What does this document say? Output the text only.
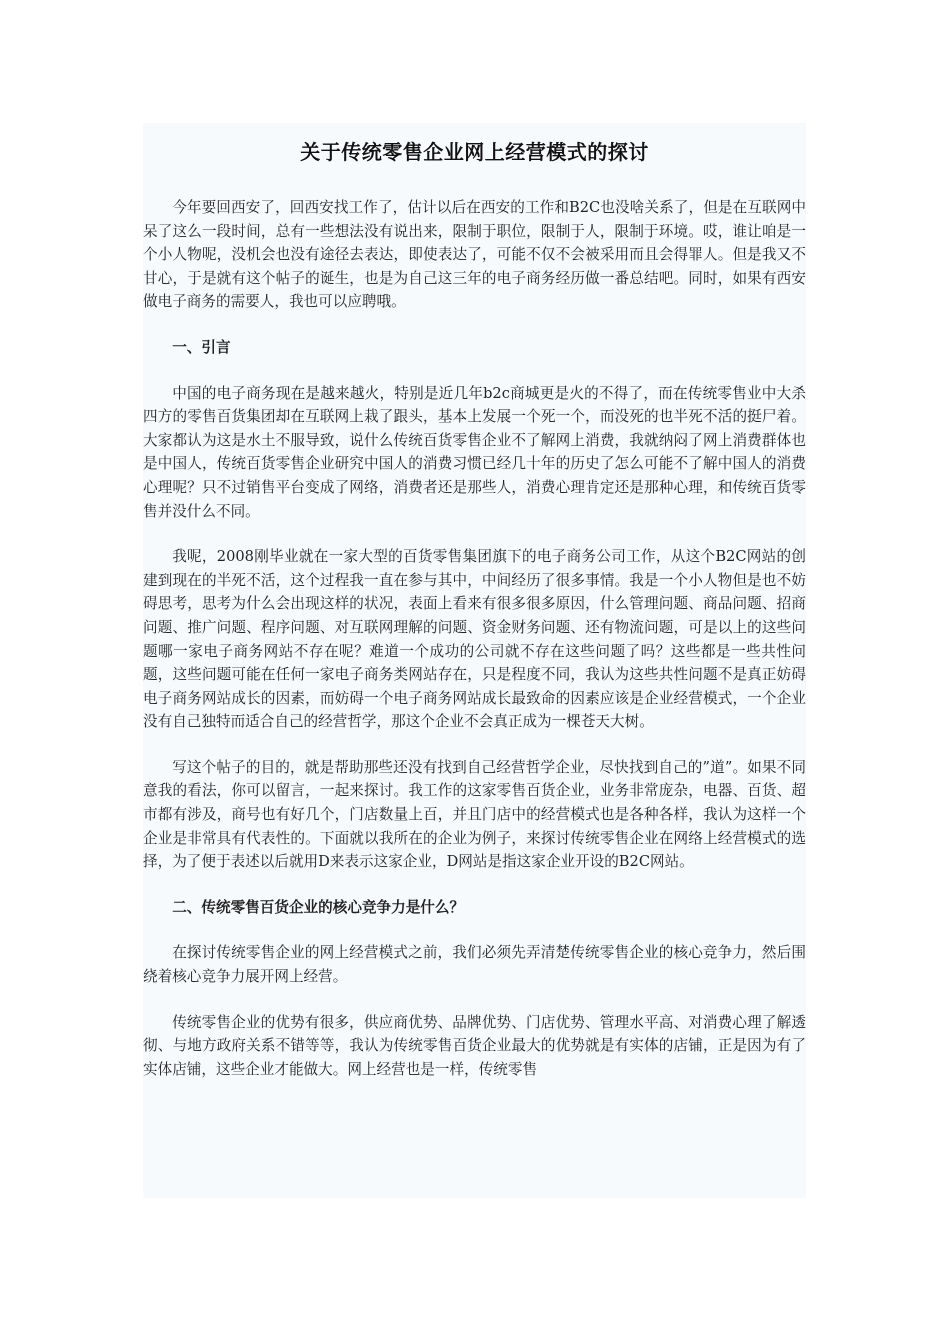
关于传统零售企业网上经营模式的探讨

今年要回西安了，回西安找工作了，估计以后在西安的工作和B2C也没啥关系了，但是在互联网中呆了这么一段时间，总有一些想法没有说出来，限制于职位，限制于人，限制于环境。哎，谁让咱是一个小人物呢，没机会也没有途径去表达，即使表达了，可能不仅不会被采用而且会得罪人。但是我又不甘心，于是就有这个帖子的诞生，也是为自己这三年的电子商务经历做一番总结吧。同时，如果有西安做电子商务的需要人，我也可以应聘哦。

一、引言

中国的电子商务现在是越来越火，特别是近几年b2c商城更是火的不得了，而在传统零售业中大杀四方的零售百货集团却在互联网上栽了跟头，基本上发展一个死一个，而没死的也半死不活的挺尸着。大家都认为这是水土不服导致，说什么传统百货零售企业不了解网上消费，我就纳闷了网上消费群体也是中国人，传统百货零售企业研究中国人的消费习惯已经几十年的历史了怎么可能不了解中国人的消费心理呢？只不过销售平台变成了网络，消费者还是那些人，消费心理肯定还是那种心理，和传统百货零售并没什么不同。

我呢，2008刚毕业就在一家大型的百货零售集团旗下的电子商务公司工作，从这个B2C网站的创建到现在的半死不活，这个过程我一直在参与其中，中间经历了很多事情。我是一个小人物但是也不妨碍思考，思考为什么会出现这样的状况，表面上看来有很多很多原因，什么管理问题、商品问题、招商问题、推广问题、程序问题、对互联网理解的问题、资金财务问题、还有物流问题，可是以上的这些问题哪一家电子商务网站不存在呢？难道一个成功的公司就不存在这些问题了吗？这些都是一些共性问题，这些问题可能在任何一家电子商务类网站存在，只是程度不同，我认为这些共性问题不是真正妨碍电子商务网站成长的因素，而妨碍一个电子商务网站成长最致命的因素应该是企业经营模式，一个企业没有自己独特而适合自己的经营哲学，那这个企业不会真正成为一棵苍天大树。

写这个帖子的目的，就是帮助那些还没有找到自己经营哲学企业，尽快找到自己的”道”。如果不同意我的看法，你可以留言，一起来探讨。我工作的这家零售百货企业，业务非常庞杂，电器、百货、超市都有涉及，商号也有好几个，门店数量上百，并且门店中的经营模式也是各种各样，我认为这样一个企业是非常具有代表性的。下面就以我所在的企业为例子，来探讨传统零售企业在网络上经营模式的选择，为了便于表述以后就用D来表示这家企业，D网站是指这家企业开设的B2C网站。

二、传统零售百货企业的核心竞争力是什么？

在探讨传统零售企业的网上经营模式之前，我们必须先弄清楚传统零售企业的核心竞争力，然后围绕着核心竞争力展开网上经营。

传统零售企业的优势有很多，供应商优势、品牌优势、门店优势、管理水平高、对消费心理了解透彻、与地方政府关系不错等等，我认为传统零售百货企业最大的优势就是有实体的店铺，正是因为有了实体店铺，这些企业才能做大。网上经营也是一样，传统零售
